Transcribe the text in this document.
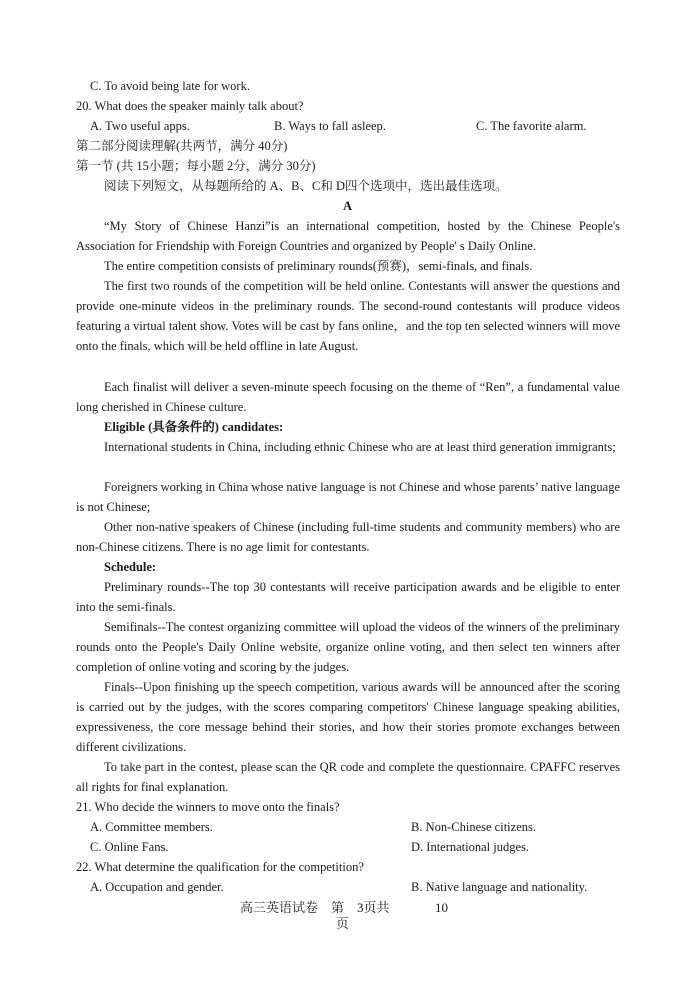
C. To avoid being late for work.
20. What does the speaker mainly talk about?
A. Two useful apps.	B. Ways to fall asleep.	C. The favorite alarm.
第二部分阅读理解(共两节，满分 40分)
第一节 (共 15小题；每小题 2分，满分 30分)
阅读下列短文，从每题所给的 A、B、C和 D四个选项中，选出最佳选项。
A
“My Story of Chinese Hanzi”is an international competition, hosted by the Chinese People's Association for Friendship with Foreign Countries and organized by People' s Daily Online.
The entire competition consists of preliminary rounds(预赛)，semi-finals, and finals.
The first two rounds of the competition will be held online. Contestants will answer the questions and provide one-minute videos in the preliminary rounds. The second-round contestants will produce videos featuring a virtual talent show. Votes will be cast by fans online，and the top ten selected winners will move onto the finals, which will be held offline in late August.
Each finalist will deliver a seven-minute speech focusing on the theme of “Ren”, a fundamental value long cherished in Chinese culture.
Eligible (具备条件的) candidates:
International students in China, including ethnic Chinese who are at least third generation immigrants;
Foreigners working in China whose native language is not Chinese and whose parents’ native language is not Chinese;
Other non-native speakers of Chinese (including full-time students and community members) who are non-Chinese citizens. There is no age limit for contestants.
Schedule:
Preliminary rounds--The top 30 contestants will receive participation awards and be eligible to enter into the semi-finals.
Semifinals--The contest organizing committee will upload the videos of the winners of the preliminary rounds onto the People's Daily Online website, organize online voting, and then select ten winners after completion of online voting and scoring by the judges.
Finals--Upon finishing up the speech competition, various awards will be announced after the scoring is carried out by the judges, with the scores comparing competitors' Chinese language speaking abilities, expressiveness, the core message behind their stories, and how their stories promote exchanges between different civilizations.
To take part in the contest, please scan the QR code and complete the questionnaire. CPAFFC reserves all rights for final explanation.
21. Who decide the winners to move onto the finals?
A. Committee members.	B. Non-Chinese citizens.
C. Online Fans.	D. International judges.
22. What determine the qualification for the competition?
A. Occupation and gender.	B. Native language and nationality.
高三英语试卷    第    3页共              10
页
